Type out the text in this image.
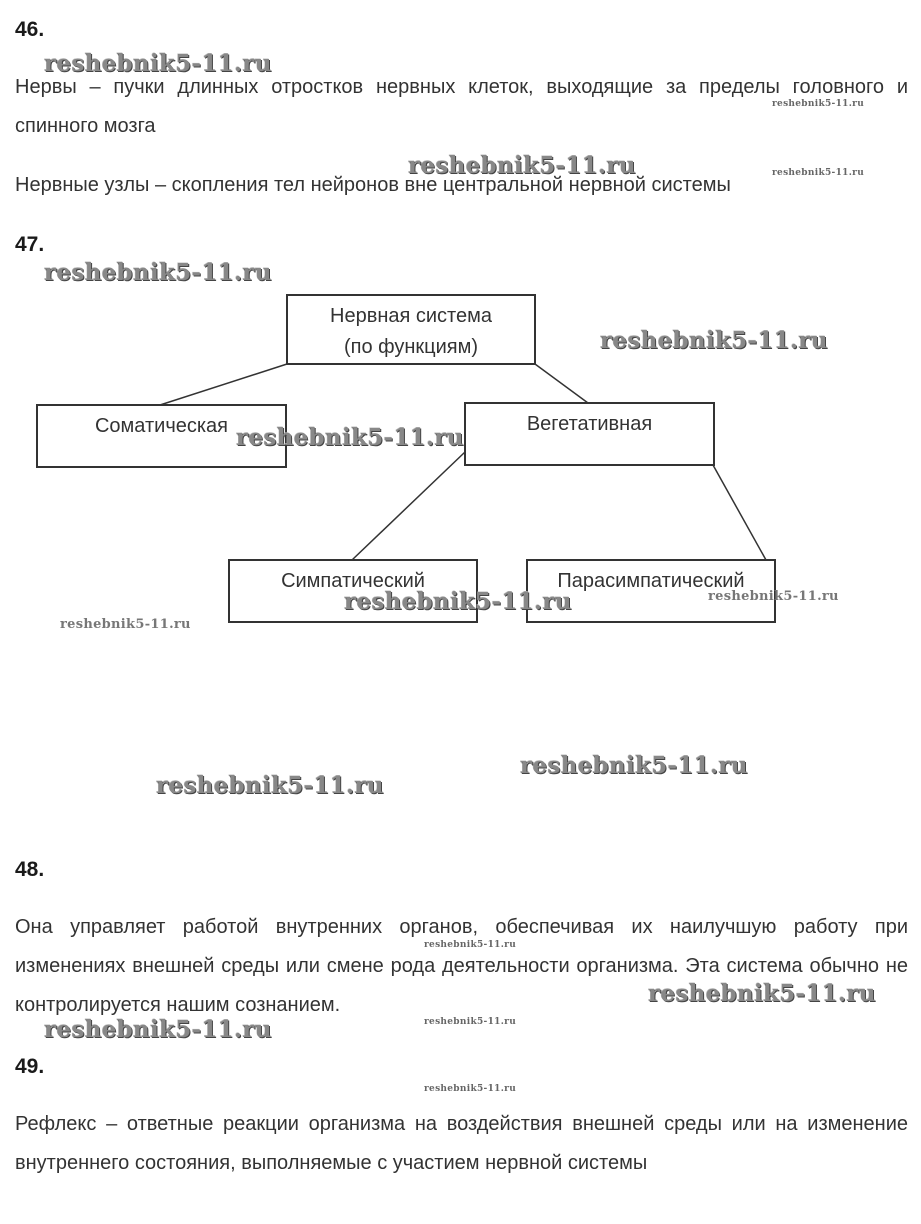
46.
Нервы – пучки длинных отростков нервных клеток, выходящие за пределы головного и спинного мозга
Нервные узлы – скопления тел нейронов вне центральной нервной системы
47.
Нервная система
(по функциям)
Соматическая	Вегетативная
Симпатический	Парасимпатический
48.
Она управляет работой внутренних органов, обеспечивая их наилучшую работу при изменениях внешней среды или смене рода деятельности организма. Эта система обычно не контролируется нашим сознанием.
49.
Рефлекс – ответные реакции организма на воздействия внешней среды или на изменение внутреннего состояния, выполняемые с участием нервной системы
reshebnik5-11.ru
reshebnik5-11.ru
reshebnik5-11.ru	reshebnik5-11.ru
reshebnik5-11.ru
reshebnik5-11.ru
reshebnik5-11.ru
reshebnik5-11.ru	reshebnik5-11.ru
reshebnik5-11.ru
reshebnik5-11.ru
reshebnik5-11.ru
reshebnik5-11.ru
reshebnik5-11.ru
reshebnik5-11.ru	reshebnik5-11.ru
reshebnik5-11.ru
